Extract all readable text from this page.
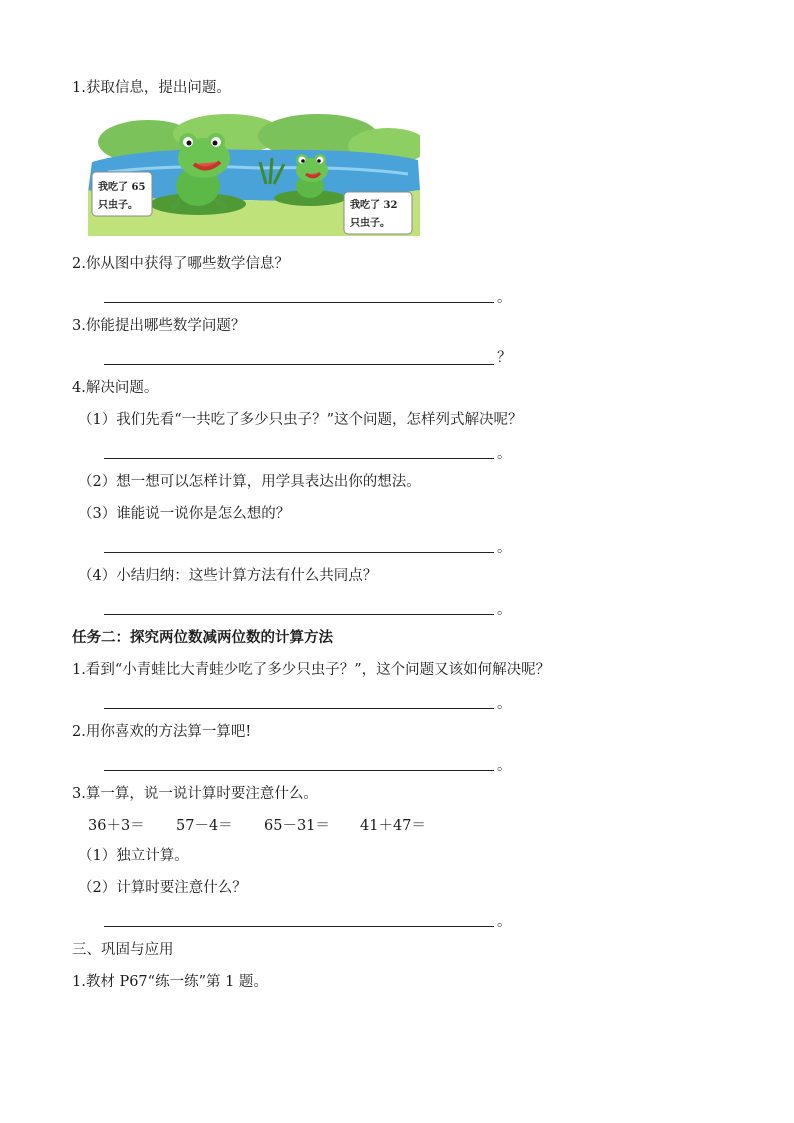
1.获取信息，提出问题。
我吃了 65
只虫子。	我吃了 32
只虫子。
2.你从图中获得了哪些数学信息？
。
3.你能提出哪些数学问题？
？
4.解决问题。
（1）我们先看“一共吃了多少只虫子？”这个问题，怎样列式解决呢？
。
（2）想一想可以怎样计算，用学具表达出你的想法。
（3）谁能说一说你是怎么想的？
。
（4）小结归纳：这些计算方法有什么共同点？
。
任务二：探究两位数减两位数的计算方法
1.看到“小青蛙比大青蛙少吃了多少只虫子？”，这个问题又该如何解决呢？
。
2.用你喜欢的方法算一算吧!
。
3.算一算，说一说计算时要注意什么。
36＋3＝ 57－4＝ 65－31＝ 41＋47＝
（1）独立计算。
（2）计算时要注意什么？
。
三、巩固与应用
1.教材 P67“练一练”第 1 题。
